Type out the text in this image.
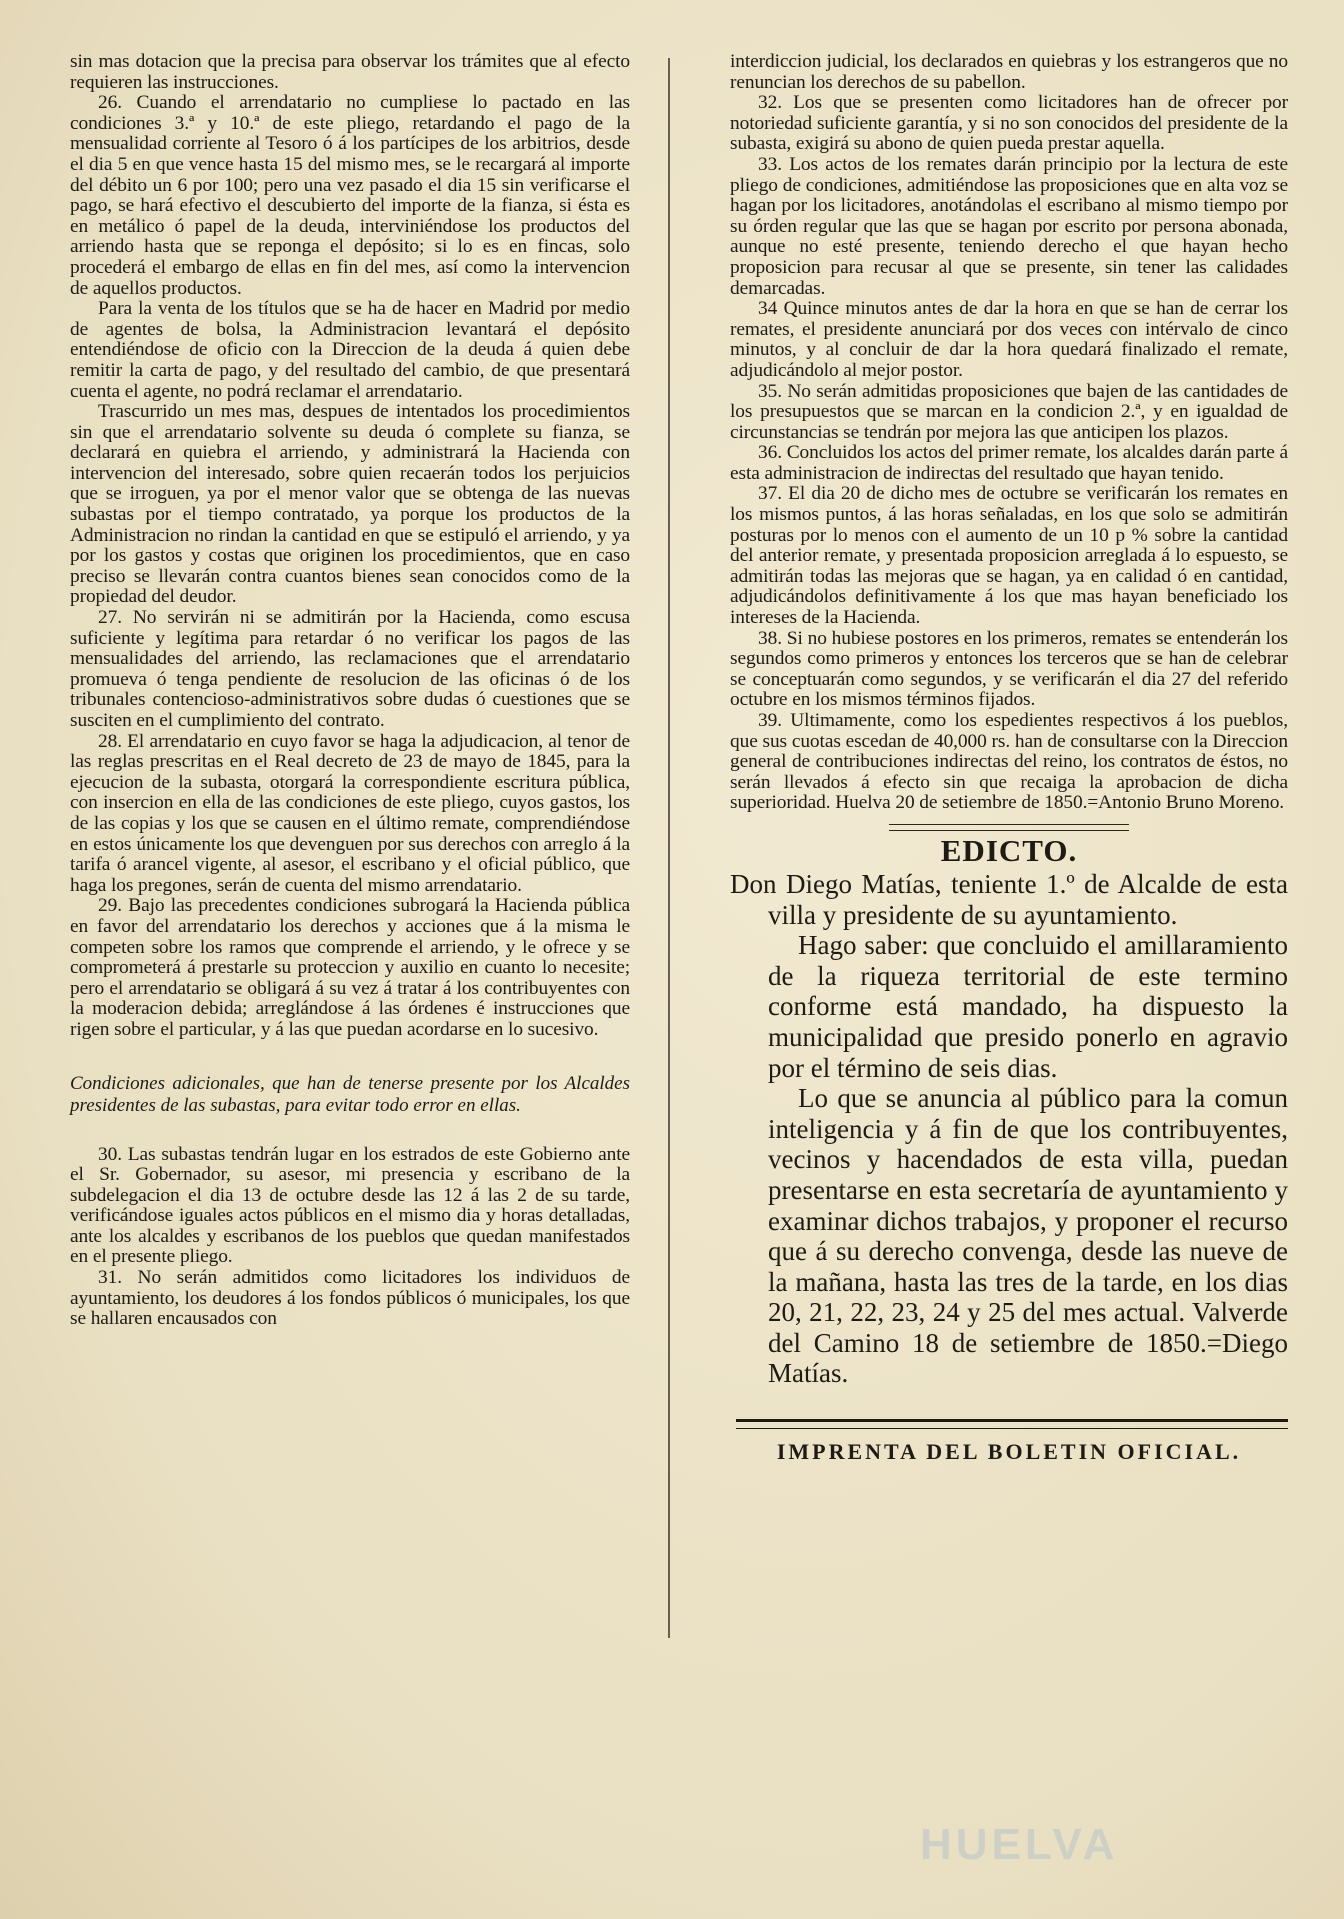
sin mas dotacion que la precisa para observar los trámites que al efecto requieren las instrucciones.

26. Cuando el arrendatario no cumpliese lo pactado en las condiciones 3.ª y 10.ª de este pliego, retardando el pago de la mensualidad corriente al Tesoro ó á los partícipes de los arbitrios, desde el dia 5 en que vence hasta 15 del mismo mes, se le recargará al importe del débito un 6 por 100; pero una vez pasado el dia 15 sin verificarse el pago, se hará efectivo el descubierto del importe de la fianza, si ésta es en metálico ó papel de la deuda, interviniéndose los productos del arriendo hasta que se reponga el depósito; si lo es en fincas, solo procederá el embargo de ellas en fin del mes, así como la intervencion de aquellos productos.

Para la venta de los títulos que se ha de hacer en Madrid por medio de agentes de bolsa, la Administracion levantará el depósito entendiéndose de oficio con la Direccion de la deuda á quien debe remitir la carta de pago, y del resultado del cambio, de que presentará cuenta el agente, no podrá reclamar el arrendatario.

Trascurrido un mes mas, despues de intentados los procedimientos sin que el arrendatario solvente su deuda ó complete su fianza, se declarará en quiebra el arriendo, y administrará la Hacienda con intervencion del interesado, sobre quien recaerán todos los perjuicios que se irroguen, ya por el menor valor que se obtenga de las nuevas subastas por el tiempo contratado, ya porque los productos de la Administracion no rindan la cantidad en que se estipuló el arriendo, y ya por los gastos y costas que originen los procedimientos, que en caso preciso se llevarán contra cuantos bienes sean conocidos como de la propiedad del deudor.

27. No servirán ni se admitirán por la Hacienda, como escusa suficiente y legítima para retardar ó no verificar los pagos de las mensualidades del arriendo, las reclamaciones que el arrendatario promueva ó tenga pendiente de resolucion de las oficinas ó de los tribunales contencioso-administrativos sobre dudas ó cuestiones que se susciten en el cumplimiento del contrato.

28. El arrendatario en cuyo favor se haga la adjudicacion, al tenor de las reglas prescritas en el Real decreto de 23 de mayo de 1845, para la ejecucion de la subasta, otorgará la correspondiente escritura pública, con insercion en ella de las condiciones de este pliego, cuyos gastos, los de las copias y los que se causen en el último remate, comprendiéndose en estos únicamente los que devenguen por sus derechos con arreglo á la tarifa ó arancel vigente, al asesor, el escribano y el oficial público, que haga los pregones, serán de cuenta del mismo arrendatario.

29. Bajo las precedentes condiciones subrogará la Hacienda pública en favor del arrendatario los derechos y acciones que á la misma le competen sobre los ramos que comprende el arriendo, y le ofrece y se comprometerá á prestarle su proteccion y auxilio en cuanto lo necesite; pero el arrendatario se obligará á su vez á tratar á los contribuyentes con la moderacion debida; arreglándose á las órdenes é instrucciones que rigen sobre el particular, y á las que puedan acordarse en lo sucesivo.

Condiciones adicionales, que han de tenerse presente por los Alcaldes presidentes de las subastas, para evitar todo error en ellas.

30. Las subastas tendrán lugar en los estrados de este Gobierno ante el Sr. Gobernador, su asesor, mi presencia y escribano de la subdelegacion el dia 13 de octubre desde las 12 á las 2 de su tarde, verificándose iguales actos públicos en el mismo dia y horas detalladas, ante los alcaldes y escribanos de los pueblos que quedan manifestados en el presente pliego.

31. No serán admitidos como licitadores los individuos de ayuntamiento, los deudores á los fondos públicos ó municipales, los que se hallaren encausados con

interdiccion judicial, los declarados en quiebras y los estrangeros que no renuncian los derechos de su pabellon.

32. Los que se presenten como licitadores han de ofrecer por notoriedad suficiente garantía, y si no son conocidos del presidente de la subasta, exigirá su abono de quien pueda prestar aquella.

33. Los actos de los remates darán principio por la lectura de este pliego de condiciones, admitiéndose las proposiciones que en alta voz se hagan por los licitadores, anotándolas el escribano al mismo tiempo por su órden regular que las que se hagan por escrito por persona abonada, aunque no esté presente, teniendo derecho el que hayan hecho proposicion para recusar al que se presente, sin tener las calidades demarcadas.

34 Quince minutos antes de dar la hora en que se han de cerrar los remates, el presidente anunciará por dos veces con intérvalo de cinco minutos, y al concluir de dar la hora quedará finalizado el remate, adjudicándolo al mejor postor.

35. No serán admitidas proposiciones que bajen de las cantidades de los presupuestos que se marcan en la condicion 2.ª, y en igualdad de circunstancias se tendrán por mejora las que anticipen los plazos.

36. Concluidos los actos del primer remate, los alcaldes darán parte á esta administracion de indirectas del resultado que hayan tenido.

37. El dia 20 de dicho mes de octubre se verificarán los remates en los mismos puntos, á las horas señaladas, en los que solo se admitirán posturas por lo menos con el aumento de un 10 p % sobre la cantidad del anterior remate, y presentada proposicion arreglada á lo espuesto, se admitirán todas las mejoras que se hagan, ya en calidad ó en cantidad, adjudicándolos definitivamente á los que mas hayan beneficiado los intereses de la Hacienda.

38. Si no hubiese postores en los primeros, remates se entenderán los segundos como primeros y entonces los terceros que se han de celebrar se conceptuarán como segundos, y se verificarán el dia 27 del referido octubre en los mismos términos fijados.

39. Ultimamente, como los espedientes respectivos á los pueblos, que sus cuotas escedan de 40,000 rs. han de consultarse con la Direccion general de contribuciones indirectas del reino, los contratos de éstos, no serán llevados á efecto sin que recaiga la aprobacion de dicha superioridad. Huelva 20 de setiembre de 1850.=Antonio Bruno Moreno.

EDICTO.

Don Diego Matías, teniente 1.º de Alcalde de esta villa y presidente de su ayuntamiento.

Hago saber: que concluido el amillaramiento de la riqueza territorial de este termino conforme está mandado, ha dispuesto la municipalidad que presido ponerlo en agravio por el término de seis dias.

Lo que se anuncia al público para la comun inteligencia y á fin de que los contribuyentes, vecinos y hacendados de esta villa, puedan presentarse en esta secretaría de ayuntamiento y examinar dichos trabajos, y proponer el recurso que á su derecho convenga, desde las nueve de la mañana, hasta las tres de la tarde, en los dias 20, 21, 22, 23, 24 y 25 del mes actual. Valverde del Camino 18 de setiembre de 1850.=Diego Matías.

IMPRENTA DEL BOLETIN OFICIAL.
HUELVA
